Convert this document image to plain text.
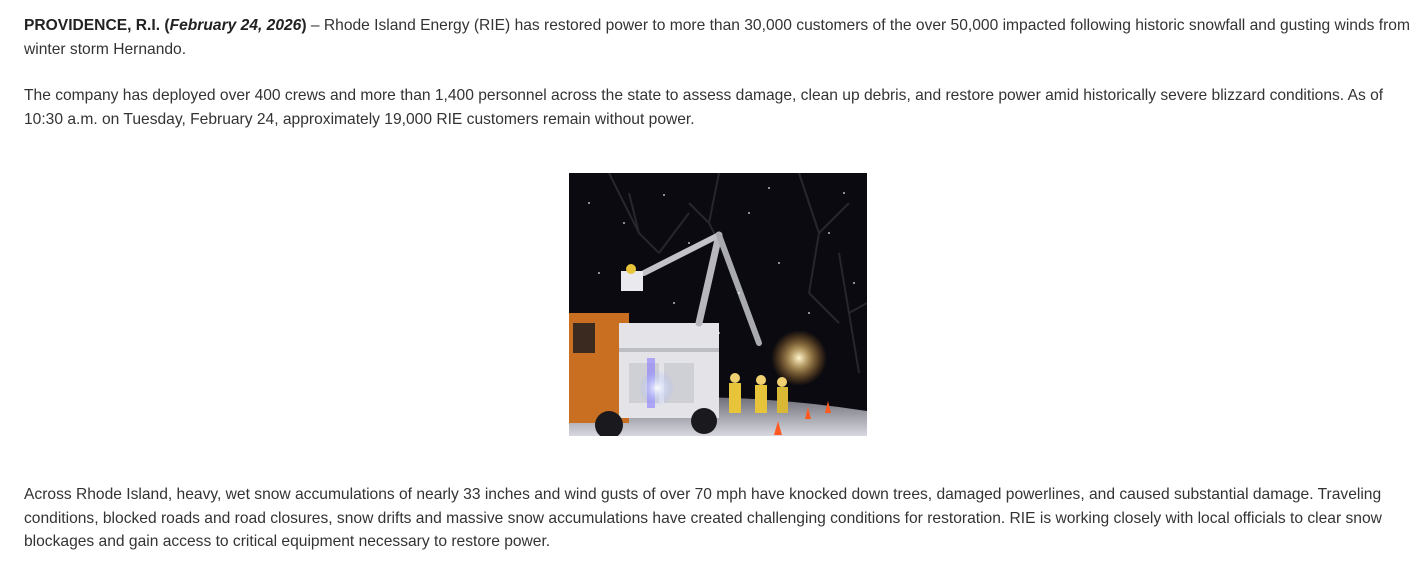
PROVIDENCE, R.I. (February 24, 2026) – Rhode Island Energy (RIE) has restored power to more than 30,000 customers of the over 50,000 impacted following historic snowfall and gusting winds from winter storm Hernando.

The company has deployed over 400 crews and more than 1,400 personnel across the state to assess damage, clean up debris, and restore power amid historically severe blizzard conditions. As of 10:30 a.m. on Tuesday, February 24, approximately 19,000 RIE customers remain without power.

Across Rhode Island, heavy, wet snow accumulations of nearly 33 inches and wind gusts of over 70 mph have knocked down trees, damaged powerlines, and caused substantial damage. Traveling conditions, blocked roads and road closures, snow drifts and massive snow accumulations have created challenging conditions for restoration. RIE is working closely with local officials to clear snow blockages and gain access to critical equipment necessary to restore power.
